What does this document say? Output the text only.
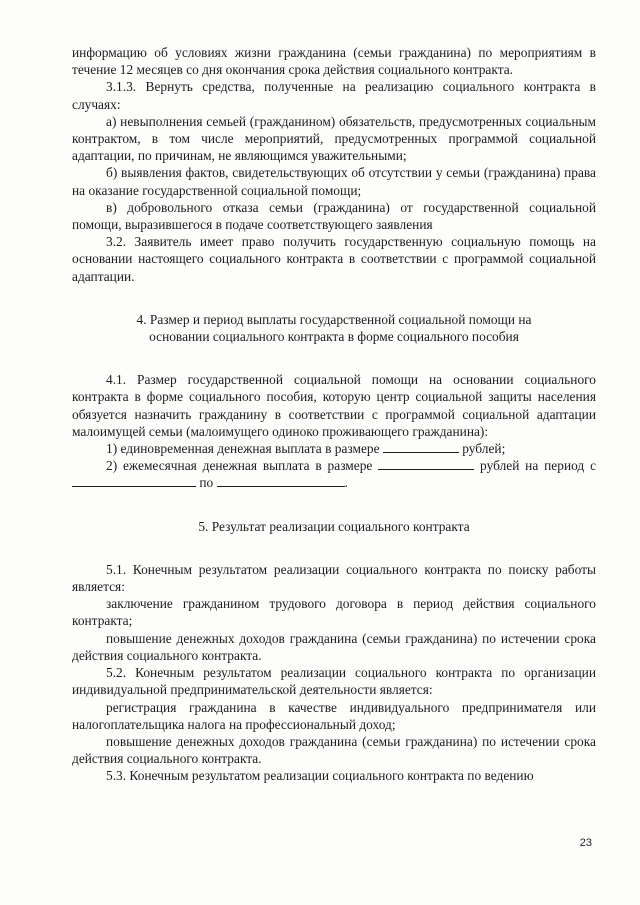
информацию об условиях жизни гражданина (семьи гражданина) по мероприятиям в течение 12 месяцев со дня окончания срока действия социального контракта.

3.1.3. Вернуть средства, полученные на реализацию социального контракта в случаях:

а) невыполнения семьей (гражданином) обязательств, предусмотренных социальным контрактом, в том числе мероприятий, предусмотренных программой социальной адаптации, по причинам, не являющимся уважительными;

б) выявления фактов, свидетельствующих об отсутствии у семьи (гражданина) права на оказание государственной социальной помощи;

в) добровольного отказа семьи (гражданина) от государственной социальной помощи, выразившегося в подаче соответствующего заявления

3.2. Заявитель имеет право получить государственную социальную помощь на основании настоящего социального контракта в соответствии с программой социальной адаптации.

4. Размер и период выплаты государственной социальной помощи на
основании социального контракта в форме социального пособия

4.1. Размер государственной социальной помощи на основании социального контракта в форме социального пособия, которую центр социальной защиты населения обязуется назначить гражданину в соответствии с программой социальной адаптации малоимущей семьи (малоимущего одиноко проживающего гражданина):

1) единовременная денежная выплата в размере	рублей;

2) ежемесячная денежная выплата в размере	рублей на период с  по	.

5. Результат реализации социального контракта

5.1. Конечным результатом реализации социального контракта по поиску работы является:

заключение гражданином трудового договора в период действия социального контракта;

повышение денежных доходов гражданина (семьи гражданина) по истечении срока действия социального контракта.

5.2. Конечным результатом реализации социального контракта по организации индивидуальной предпринимательской деятельности является:

регистрация гражданина в качестве индивидуального предпринимателя или налогоплательщика налога на профессиональный доход;

повышение денежных доходов гражданина (семьи гражданина) по истечении срока действия социального контракта.

5.3. Конечным результатом реализации социального контракта по ведению

23
